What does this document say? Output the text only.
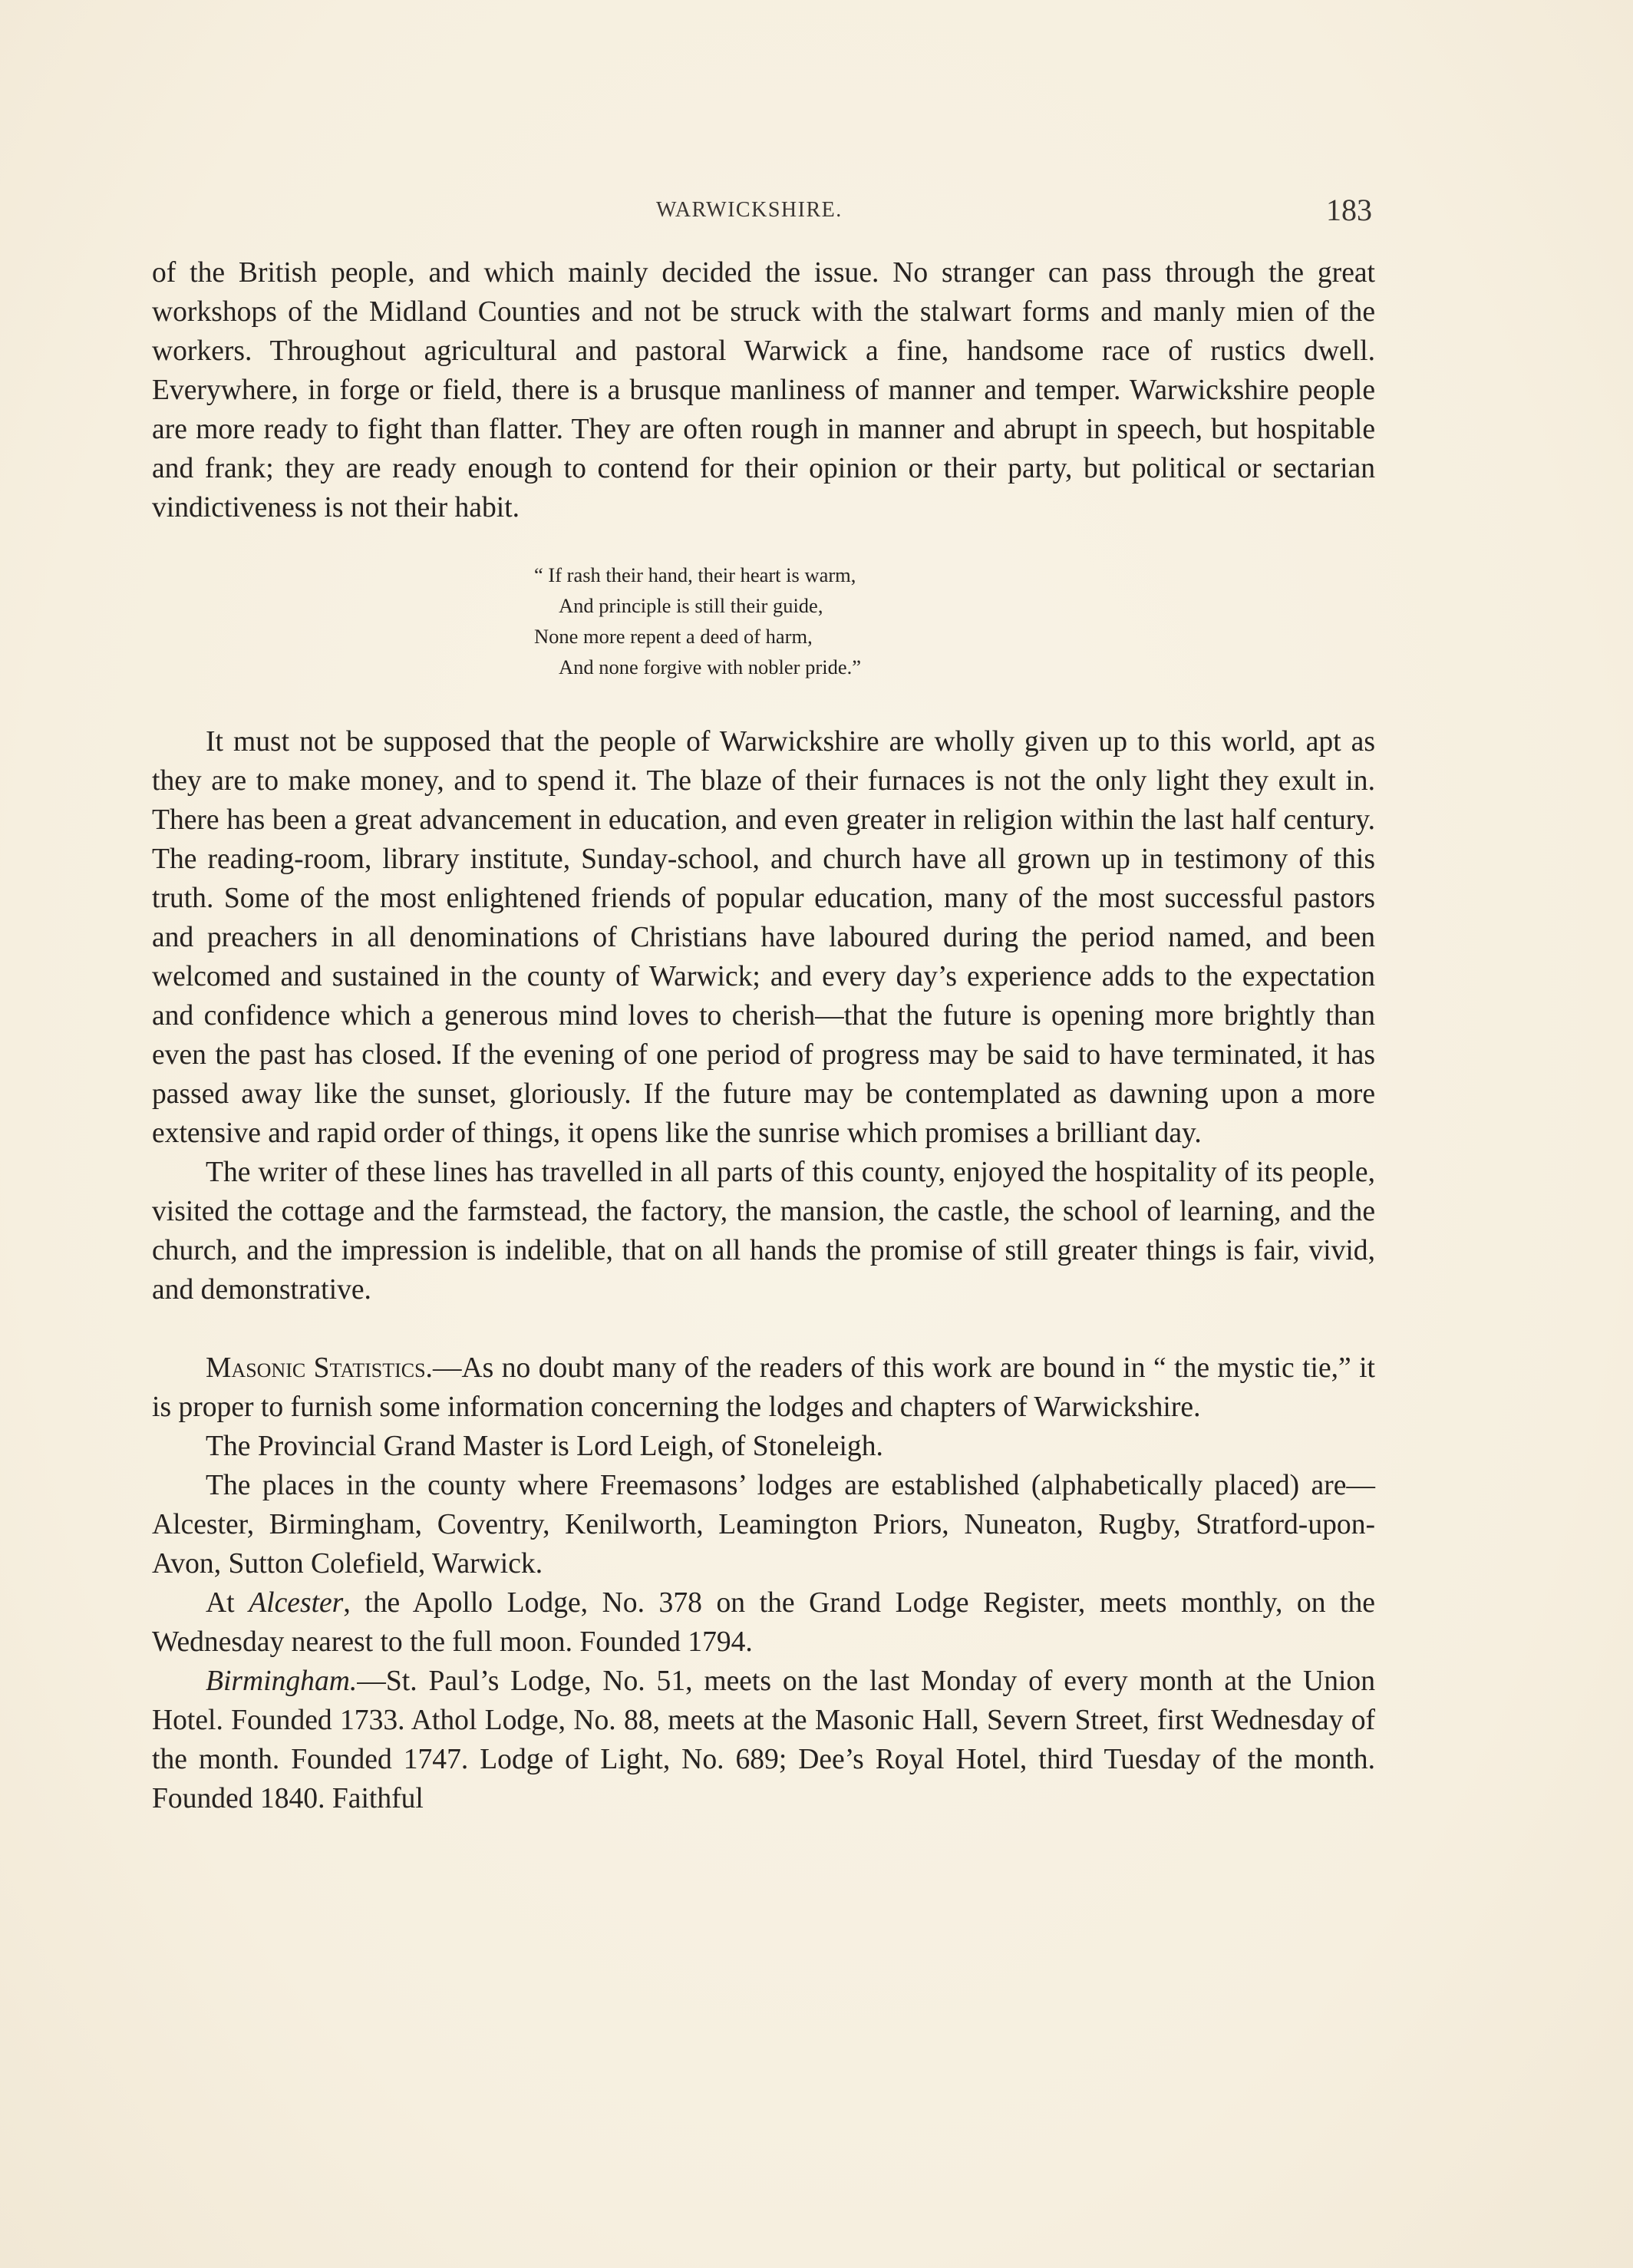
WARWICKSHIRE.	183

of the British people, and which mainly decided the issue. No stranger can pass through the great workshops of the Midland Counties and not be struck with the stalwart forms and manly mien of the workers. Throughout agricultural and pastoral Warwick a fine, handsome race of rustics dwell. Everywhere, in forge or field, there is a brusque manliness of manner and temper. Warwickshire people are more ready to fight than flatter. They are often rough in manner and abrupt in speech, but hospitable and frank; they are ready enough to contend for their opinion or their party, but political or sectarian vindictiveness is not their habit.

“ If rash their hand, their heart is warm,
And principle is still their guide,
None more repent a deed of harm,
And none forgive with nobler pride.”

It must not be supposed that the people of Warwickshire are wholly given up to this world, apt as they are to make money, and to spend it. The blaze of their furnaces is not the only light they exult in. There has been a great advancement in education, and even greater in religion within the last half century. The reading-room, library institute, Sunday-school, and church have all grown up in testimony of this truth. Some of the most enlightened friends of popular education, many of the most successful pastors and preachers in all denominations of Christians have laboured during the period named, and been welcomed and sustained in the county of Warwick; and every day’s experience adds to the expectation and confidence which a generous mind loves to cherish—that the future is opening more brightly than even the past has closed. If the evening of one period of progress may be said to have terminated, it has passed away like the sunset, gloriously. If the future may be contemplated as dawning upon a more extensive and rapid order of things, it opens like the sunrise which promises a brilliant day.

The writer of these lines has travelled in all parts of this county, enjoyed the hospitality of its people, visited the cottage and the farmstead, the factory, the mansion, the castle, the school of learning, and the church, and the impression is indelible, that on all hands the promise of still greater things is fair, vivid, and demonstrative.

Masonic Statistics.—As no doubt many of the readers of this work are bound in “ the mystic tie,” it is proper to furnish some information concerning the lodges and chapters of Warwickshire.

The Provincial Grand Master is Lord Leigh, of Stoneleigh.

The places in the county where Freemasons’ lodges are established (alphabetically placed) are—Alcester, Birmingham, Coventry, Kenilworth, Leamington Priors, Nuneaton, Rugby, Stratford-upon-Avon, Sutton Colefield, Warwick.

At Alcester, the Apollo Lodge, No. 378 on the Grand Lodge Register, meets monthly, on the Wednesday nearest to the full moon. Founded 1794.

Birmingham.—St. Paul’s Lodge, No. 51, meets on the last Monday of every month at the Union Hotel. Founded 1733. Athol Lodge, No. 88, meets at the Masonic Hall, Severn Street, first Wednesday of the month. Founded 1747. Lodge of Light, No. 689; Dee’s Royal Hotel, third Tuesday of the month. Founded 1840. Faithful
